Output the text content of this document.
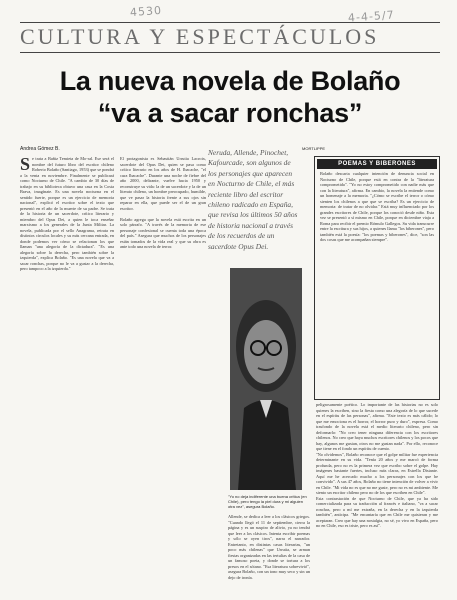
4530	4-4-5/7
CULTURA Y ESPECTÁCULOS
La nueva novela de Bolaño
“va a sacar ronchas”
Andrea Gómez B.	MORTLIPPE
Se trata a Bañiz Temieta de Mo-ral. Ese será el nombre del futuro libro del escritor chileno Roberto Bolaño (Santiago, 1953) que se pondrá a la venta en noviembre. Finalmente se publicará como Nocturno de Chile. "A cambio de 30 días de trabajo en su biblioteca obtuvo una casa en la Costa Brava, imagínate. Es una novela nocturna en el sentido fuerte, porque es un ejercicio de memoria nacional", explicó el escritor sobre el texto que presentó en el año de la muerte de su padre. Se trata de la historia de un sacerdote, crítico literario y miembro del Opus Dei, a quien le toca enseñar marxismo a los generales de la Junta Militar. La novela, publicada por el sello Anagrama, retrata en distintos círculos locales y su más cercana entrada, en donde podemos ver cómo se relacionan los que llaman "una alegoría de la dictadura". "Es una alegoría sobre la derecha, pero también sobre la izquierda", explica Bolaño. "Es una novela que va a sacar ronchas, porque no le va a gustar a la derecha, pero tampoco a la izquierda."
El protagonista es Sebastián Urrutia Lacroix, sacerdote del Opus Dei, quien se pasa como crítico literario en los años de H. Ibacache, "el cura Ibacache". Durante una noche de fiebre del año 2000, delirante, vuelve hacia 1950 y reconstruye su vida: la de un sacerdote y la de un literato chileno, un hombre preocupado, humilde, que ve pasar la historia frente a sus ojos sin reparar en ella, que puede ser el de un gran escritor.

Bolaño agrega que la novela está escrita en un solo párrafo. "A través de la memoria de ese personaje confesional se cuenta toda una época del país." Asegura que muchos de los personajes están tomados de la vida real y que su obra es ante todo una novela de terror.
Neruda, Allende, Pinochet, Kafourcade, son algunos de los personajes que aparecen en Nocturno de Chile, el más reciente libro del escritor chileno radicado en España, que revisa los últimos 50 años de historia nacional a través de los recuerdos de un sacerdote Opus Dei.
POEMAS Y BIBERONES
Bolaño descarta cualquier intención de denuncia social en Nocturno de Chile, porque está en contra de la "literatura comprometida". "Yo no estoy comprometido con nadie más que con la literatura", afirma. En cambio, la novela la entiende como un homenaje a la memoria. "¿Cómo se escribe el terror o cómo sienten los chilenos a que que se escriba? Es un ejercicio de memoria: de tratar de no olvidar." Está muy influenciado por los grandes escritores de Chile, porque los conoció desde niño. Esta vez se presentó a sí mismo en Chile, porque en diciembre viaja a Roma para recibir el premio Rómulo Gallegos. Su vida transcurre entre la escritura y sus hijos, a quienes llama "los biberones", pero también está la poesía: "los poemas y biberones", dice, "son las dos cosas que me acompañan siempre".
"Yo no deja indiferente una buena crítica (en Chile), pero tengo la piel dura y mi alguien otra vez", asegura Bolaño.
Allende, se dedica a leer a los clásicos griegos. "Cuando llegó el 11 de septiembre, cierra la página y es un suspiro de alivio, ya no tendrá que leer a los clásicos. Intenta escribir poemas y sólo se oyen tiros", narra el narrador. Entretanto, en distintas casas literarias, "un poco más chilenas" que Urrutia, se arman fiestas organizadas en las tertulias de la casa de un famoso poeta, y donde se tortura a los presos en el sótano. "Esa literatura sobrevivió", asegura Bolaño, con un tono muy seco y sin un dejo de ironía.
peligrosamente poético. Lo importante de las historias no es solo quienes la escriben, sino la fiesta como una alegoría de lo que sucede en el espíritu de las personas", afirma. "Este texto es más cálido; lo que me emociona es el horror, el horror puro y duro", expresa. Como trasfondo de la novela está el medio literario chileno, pero sin deformarlo: "No creo tener ninguna diferencia con los escritores chilenos. No creo que haya muchos escritores chilenos y los pocos que hay, algunos me gustan, otros no me gustan nada". Por ello, reconoce que tiene en el fondo un espíritu de cuento.
"No olvidemos", Bolaño reconoce que el golpe militar fue experiencia determinante en su vida. "Tenía 20 años y me marcó de forma profunda, pero no es la primera vez que escribo sobre el golpe. Hay imágenes bastante fuertes, incluso más claras, en Estrella Distante. Aquí me he acercado mucho a los personajes con los que he convivido". A sus 47 años, Bolaño no tiene intención de volver a vivir en Chile. "Mi vida no es que no me guste, pero no es mi ambiente. Me siento un escritor chileno pero no de los que escriben en Chile".
Esta contrastación de que Nocturno de Chile, que ya ha sido comercializada para su traducción al francés e italiano, "va a sacar ronchas, pero a mí me extraña, en la derecha y en la izquierda también", anticipa. "Me encantaría que en Chile me quisieran y me aceptaran. Creo que hay una nostalgia, no sé, yo vivo en España, pero no en Chile, eso es triste, pero es así".
